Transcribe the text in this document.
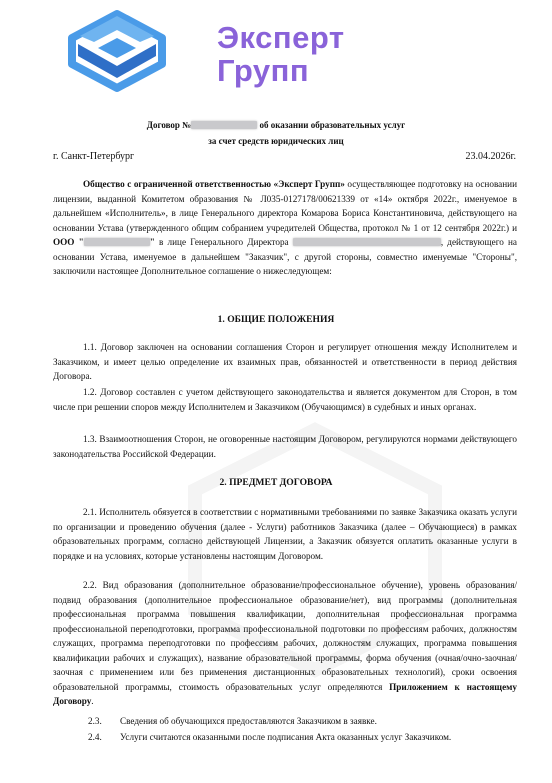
Эксперт
Групп
Договор №	об оказании образовательных услуг
за счет средств юридических лиц
г. Санкт-Петербург	23.04.2026г.
Общество с ограниченной ответственностью «Эксперт Групп» осуществляющее подготовку на основании лицензии, выданной Комитетом образования № Л035-0127178/00621339 от «14» октября 2022г., именуемое в дальнейшем «Исполнитель», в лице Генерального директора Комарова Бориса Константиновича, действующего на основании Устава (утвержденного общим собранием учредителей Общества, протокол № 1 от 12 сентября 2022г.) и ООО "	" в лице Генерального Директора	, действующего на основании Устава, именуемое в дальнейшем "Заказчик", с другой стороны, совместно именуемые "Стороны", заключили настоящее Дополнительное соглашение о нижеследующем:
1. ОБЩИЕ ПОЛОЖЕНИЯ
1.1. Договор заключен на основании соглашения Сторон и регулирует отношения между Исполнителем и Заказчиком, и имеет целью определение их взаимных прав, обязанностей и ответственности в период действия Договора.
1.2. Договор составлен с учетом действующего законодательства и является документом для Сторон, в том числе при решении споров между Исполнителем и Заказчиком (Обучающимся) в судебных и иных органах.
1.3. Взаимоотношения Сторон, не оговоренные настоящим Договором, регулируются нормами действующего законодательства Российской Федерации.
2. ПРЕДМЕТ ДОГОВОРА
2.1. Исполнитель обязуется в соответствии с нормативными требованиями по заявке Заказчика оказать услуги по организации и проведению обучения (далее - Услуги) работников Заказчика (далее – Обучающиеся) в рамках образовательных программ, согласно действующей Лицензии, а Заказчик обязуется оплатить оказанные услуги в порядке и на условиях, которые установлены настоящим Договором.
2.2. Вид образования (дополнительное образование/профессиональное обучение), уровень образования/подвид образования (дополнительное профессиональное образование/нет), вид программы (дополнительная профессиональная программа повышения квалификации, дополнительная профессиональная программа профессиональной переподготовки, программа профессиональной подготовки по профессиям рабочих, должностям служащих, программа переподготовки по профессиям рабочих, должностям служащих, программа повышения квалификации рабочих и служащих), название образовательной программы, форма обучения (очная/очно-заочная/заочная с применением или без применения дистанционных образовательных технологий), сроки освоения образовательной программы, стоимость образовательных услуг определяются Приложением к настоящему Договору.
2.3. Сведения об обучающихся предоставляются Заказчиком в заявке.
2.4. Услуги считаются оказанными после подписания Акта оказанных услуг Заказчиком.
